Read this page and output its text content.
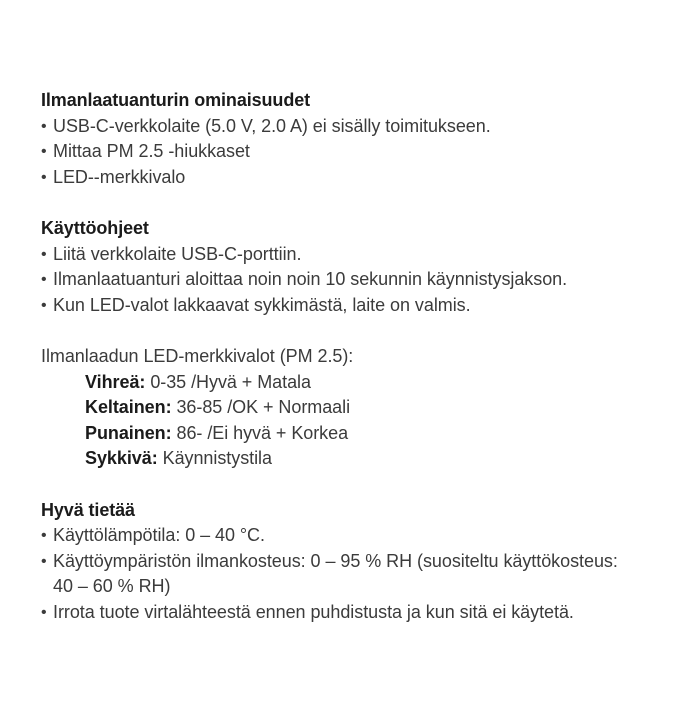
Ilmanlaatuanturin ominaisuudet
• USB-C-verkkolaite (5.0 V, 2.0 A) ei sisälly toimitukseen.
• Mittaa PM 2.5 -hiukkaset
• LED--merkkivalo
Käyttöohjeet
• Liitä verkkolaite USB-C-porttiin.
• Ilmanlaatuanturi aloittaa noin noin 10 sekunnin käynnistysjakson.
• Kun LED-valot lakkaavat sykkimästä, laite on valmis.

Ilmanlaadun LED-merkkivalot (PM 2.5):

Vihreä: 0-35 /Hyvä + Matala
Keltainen: 36-85 /OK + Normaali
Punainen: 86- /Ei hyvä + Korkea
Sykkivä: Käynnistystila
Hyvä tietää
• Käyttölämpötila: 0 – 40 °C.
• Käyttöympäristön ilmankosteus: 0 – 95 % RH (suositeltu käyttökosteus: 40 – 60 % RH)
• Irrota tuote virtalähteestä ennen puhdistusta ja kun sitä ei käytetä.
